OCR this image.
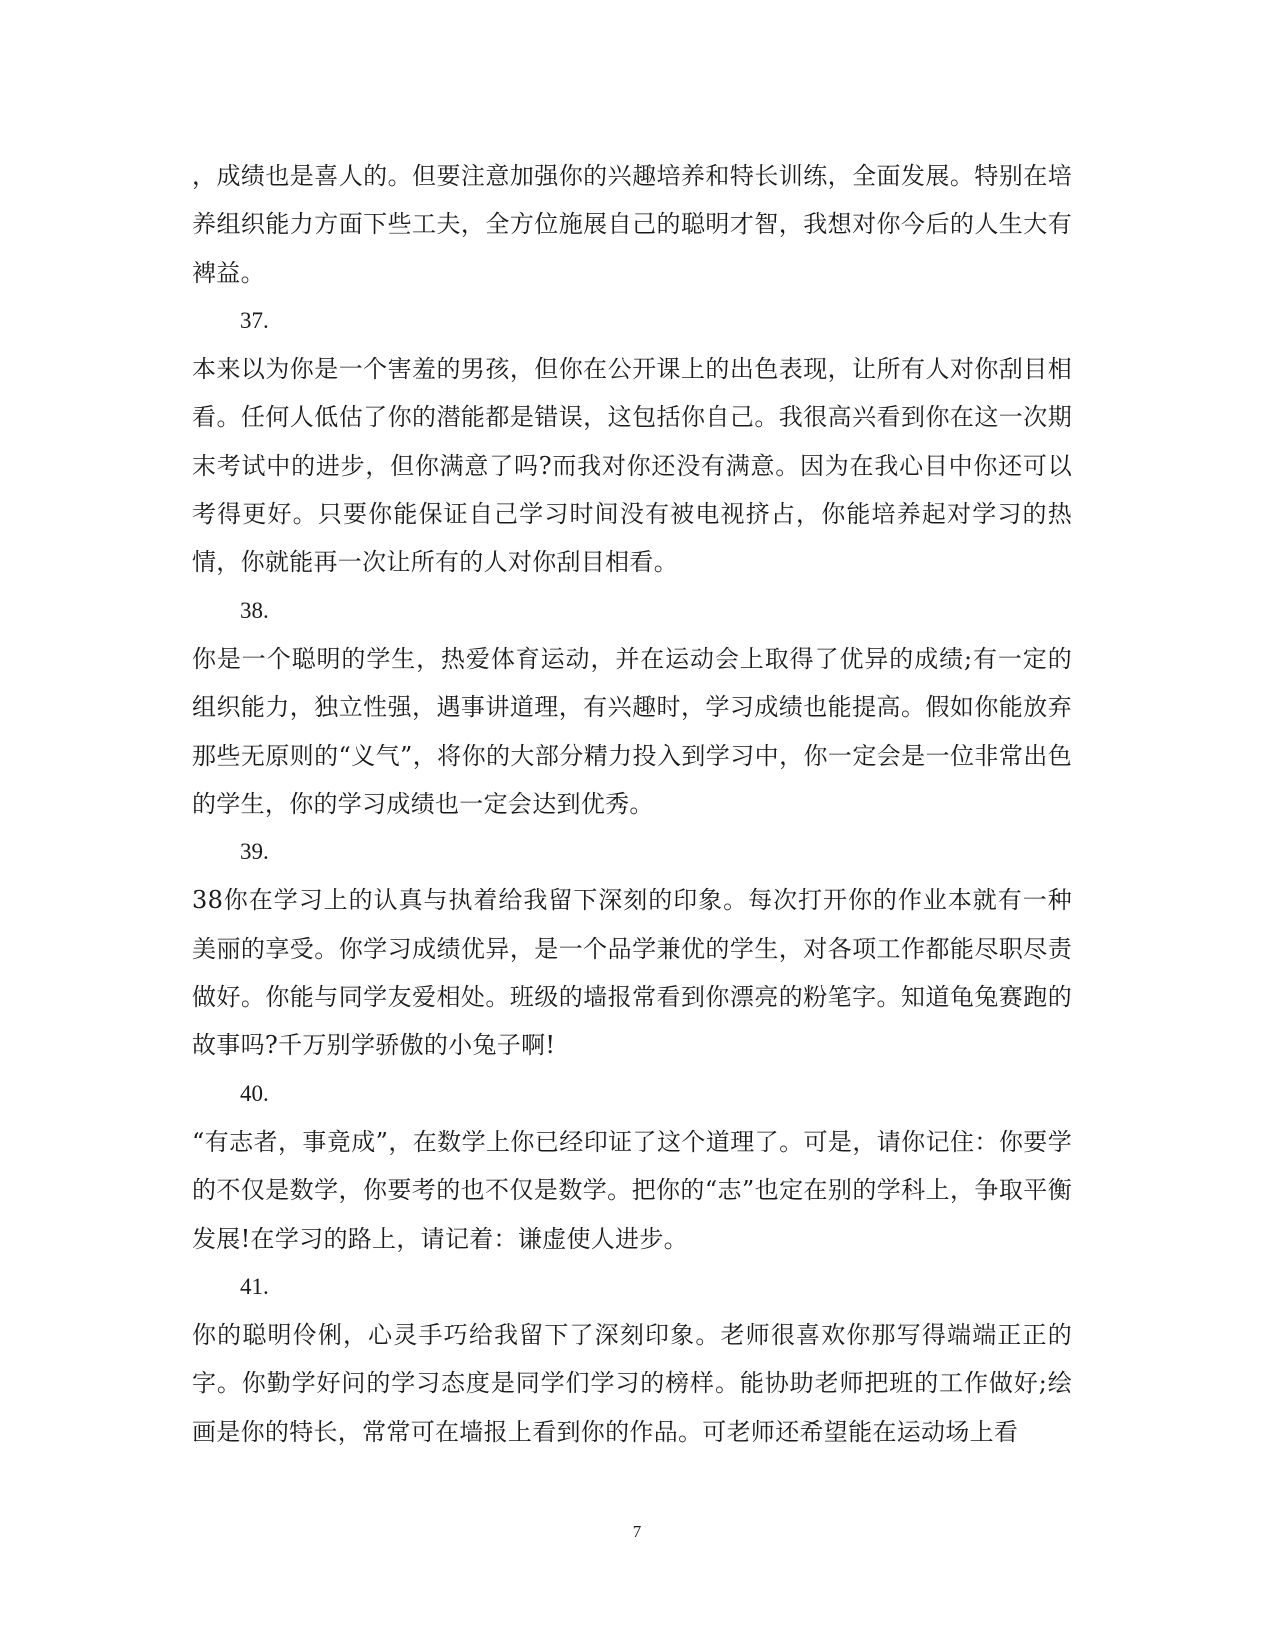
，成绩也是喜人的。但要注意加强你的兴趣培养和特长训练，全面发展。特别在培养组织能力方面下些工夫，全方位施展自己的聪明才智，我想对你今后的人生大有裨益。

37.

本来以为你是一个害羞的男孩，但你在公开课上的出色表现，让所有人对你刮目相看。任何人低估了你的潜能都是错误，这包括你自己。我很高兴看到你在这一次期末考试中的进步，但你满意了吗?而我对你还没有满意。因为在我心目中你还可以考得更好。只要你能保证自己学习时间没有被电视挤占，你能培养起对学习的热情，你就能再一次让所有的人对你刮目相看。

38.

你是一个聪明的学生，热爱体育运动，并在运动会上取得了优异的成绩;有一定的组织能力，独立性强，遇事讲道理，有兴趣时，学习成绩也能提高。假如你能放弃那些无原则的“义气”，将你的大部分精力投入到学习中，你一定会是一位非常出色的学生，你的学习成绩也一定会达到优秀。

39.

38你在学习上的认真与执着给我留下深刻的印象。每次打开你的作业本就有一种美丽的享受。你学习成绩优异，是一个品学兼优的学生，对各项工作都能尽职尽责做好。你能与同学友爱相处。班级的墙报常看到你漂亮的粉笔字。知道龟兔赛跑的故事吗?千万别学骄傲的小兔子啊!

40.

“有志者，事竟成”，在数学上你已经印证了这个道理了。可是，请你记住：你要学的不仅是数学，你要考的也不仅是数学。把你的“志”也定在别的学科上，争取平衡发展!在学习的路上，请记着：谦虚使人进步。

41.

你的聪明伶俐，心灵手巧给我留下了深刻印象。老师很喜欢你那写得端端正正的字。你勤学好问的学习态度是同学们学习的榜样。能协助老师把班的工作做好;绘画是你的特长，常常可在墙报上看到你的作品。可老师还希望能在运动场上看

7
